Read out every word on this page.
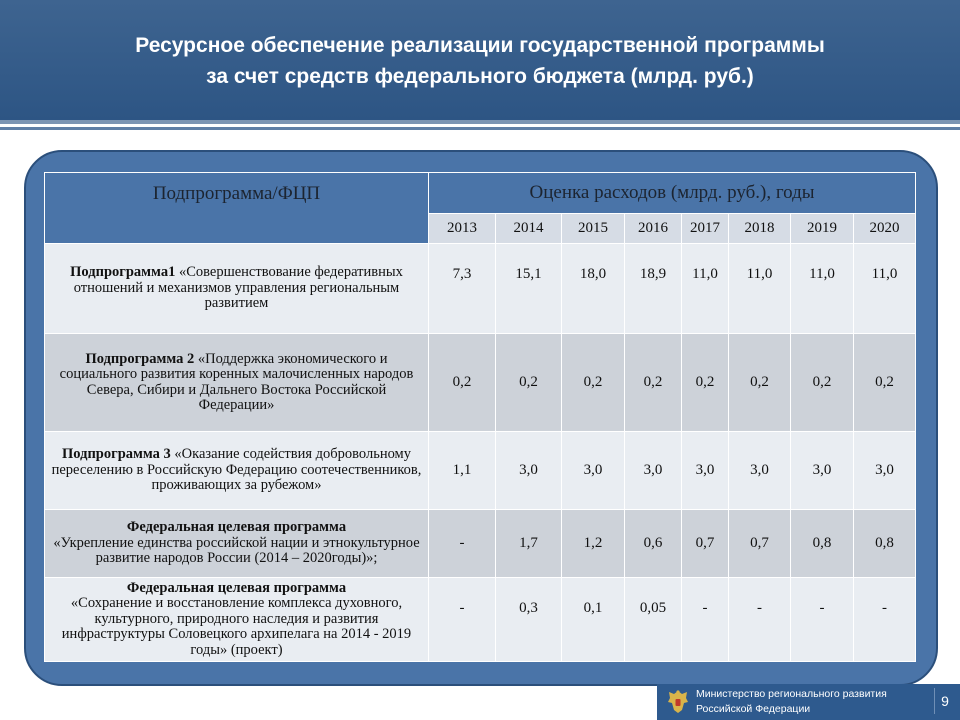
Ресурсное обеспечение реализации государственной программы
за счет средств федерального бюджета (млрд. руб.)
Подпрограмма/ФЦП	Оценка расходов (млрд. руб.), годы							
	2013	2014	2015	2016	2017	2018	2019	2020
Подпрограмма1 «Совершенствование федеративных отношений и механизмов управления региональным развитием	7,3	15,1	18,0	18,9	11,0	11,0	11,0	11,0
Подпрограмма 2 «Поддержка экономического и социального развития коренных малочисленных народов Севера, Сибири и Дальнего Востока Российской Федерации»	0,2	0,2	0,2	0,2	0,2	0,2	0,2	0,2
Подпрограмма 3 «Оказание содействия добровольному переселению в Российскую Федерацию соотечественников, проживающих за рубежом»	1,1	3,0	3,0	3,0	3,0	3,0	3,0	3,0
Федеральная целевая программа
«Укрепление единства российской нации и этнокультурное развитие народов России (2014 – 2020годы)»;	-	1,7	1,2	0,6	0,7	0,7	0,8	0,8
Федеральная целевая программа
«Сохранение и восстановление комплекса духовного, культурного, природного наследия и развития инфраструктуры Соловецкого архипелага на 2014 - 2019 годы» (проект)	-	0,3	0,1	0,05	-	-	-	-
Министерство регионального развития
Российской Федерации	9
